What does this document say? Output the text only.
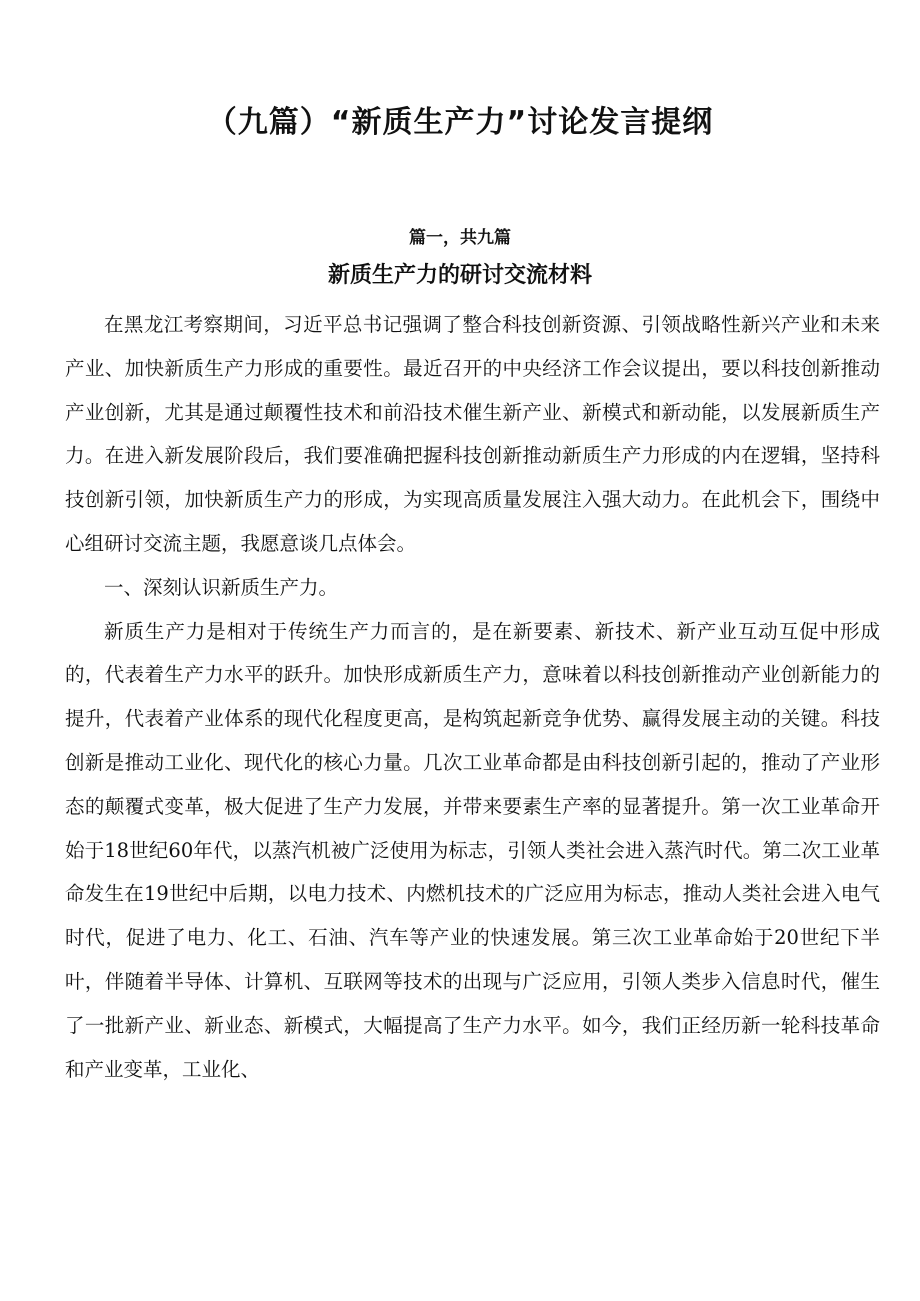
（九篇）“新质生产力”讨论发言提纲
篇一，共九篇
新质生产力的研讨交流材料

在黑龙江考察期间，习近平总书记强调了整合科技创新资源、引领战略性新兴产业和未来产业、加快新质生产力形成的重要性。最近召开的中央经济工作会议提出，要以科技创新推动产业创新，尤其是通过颠覆性技术和前沿技术催生新产业、新模式和新动能，以发展新质生产力。在进入新发展阶段后，我们要准确把握科技创新推动新质生产力形成的内在逻辑，坚持科技创新引领，加快新质生产力的形成，为实现高质量发展注入强大动力。在此机会下，围绕中心组研讨交流主题，我愿意谈几点体会。

一、深刻认识新质生产力。

新质生产力是相对于传统生产力而言的，是在新要素、新技术、新产业互动互促中形成的，代表着生产力水平的跃升。加快形成新质生产力，意味着以科技创新推动产业创新能力的提升，代表着产业体系的现代化程度更高，是构筑起新竞争优势、赢得发展主动的关键。科技创新是推动工业化、现代化的核心力量。几次工业革命都是由科技创新引起的，推动了产业形态的颠覆式变革，极大促进了生产力发展，并带来要素生产率的显著提升。第一次工业革命开始于18世纪60年代，以蒸汽机被广泛使用为标志，引领人类社会进入蒸汽时代。第二次工业革命发生在19世纪中后期，以电力技术、内燃机技术的广泛应用为标志，推动人类社会进入电气时代，促进了电力、化工、石油、汽车等产业的快速发展。第三次工业革命始于20世纪下半叶，伴随着半导体、计算机、互联网等技术的出现与广泛应用，引领人类步入信息时代，催生了一批新产业、新业态、新模式，大幅提高了生产力水平。如今，我们正经历新一轮科技革命和产业变革，工业化、
